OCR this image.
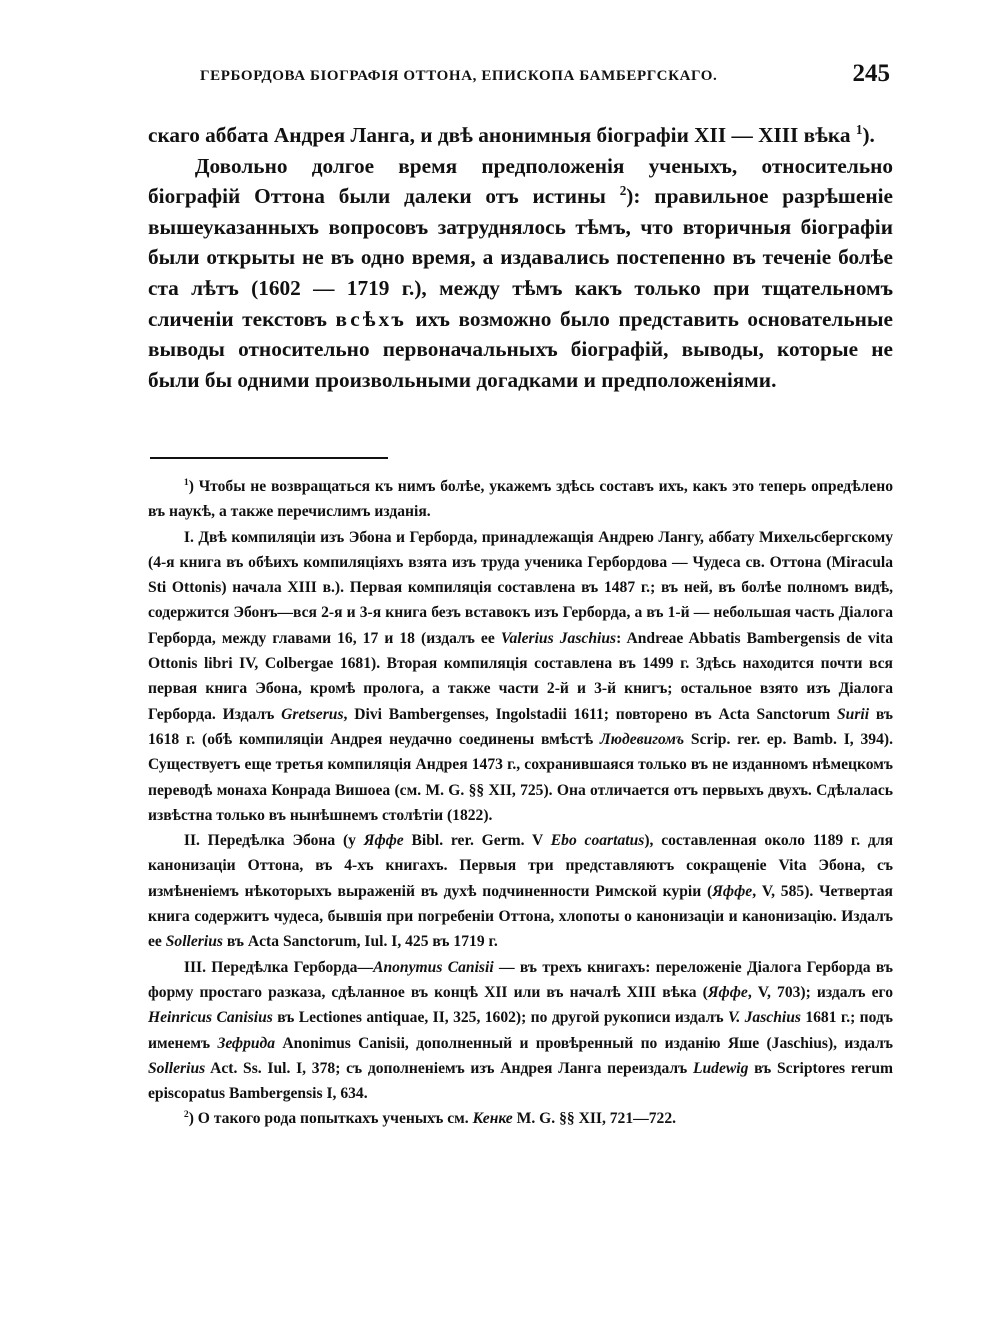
ГЕРБОРДОВА БІОГРАФІЯ ОТТОНА, ЕПИСКОПА БАМБЕРГСКАГО.	245

скаго аббата Андрея Ланга, и двѣ анонимныя біографіи XII — XIII вѣка $^1$).

Довольно долгое время предположенія ученыхъ, относительно біографій Оттона были далеки отъ истины $^2$): правильное разрѣшеніе вышеуказанныхъ вопросовъ затруднялось тѣмъ, что вторичныя біографіи были открыты не въ одно время, а издавались постепенно въ теченіе болѣе ста лѣтъ (1602 — 1719 г.), между тѣмъ какъ только при тщательномъ сличеніи текстовъ всѣхъ ихъ возможно было представить основательные выводы относительно первоначальныхъ біографій, выводы, которые не были бы одними произвольными догадками и предположеніями.

$^1$) Чтобы не возвращаться къ нимъ болѣе, укажемъ здѣсь составъ ихъ, какъ это теперь опредѣлено въ наукѣ, а также перечислимъ изданія.

I. Двѣ компиляціи изъ Эбона и Герборда, принадлежащія Андрею Лангу, аббату Михельсбергскому (4-я книга въ обѣихъ компиляціяхъ взята изъ труда ученика Гербордова — Чудеса св. Оттона (Miracula Sti Ottonis) начала XIII в.). Первая компиляція составлена въ 1487 г.; въ ней, въ болѣе полномъ видѣ, содержится Эбонъ—вся 2-я и 3-я книга безъ вставокъ изъ Герборда, а въ 1-й — небольшая часть Діалога Герборда, между главами 16, 17 и 18 (издалъ ее Valerius Jaschius: Andreae Abbatis Bambergensis de vita Ottonis libri IV, Colbergae 1681). Вторая компиляція составлена въ 1499 г. Здѣсь находится почти вся первая книга Эбона, кромѣ пролога, а также части 2-й и 3-й книгъ; остальное взято изъ Діалога Герборда. Издалъ Gretserus, Divi Bambergenses, Ingolstadii 1611; повторено въ Acta Sanctorum Surii въ 1618 г. (обѣ компиляціи Андрея неудачно соединены вмѣстѣ Людевигомъ Scrip. rer. ep. Bamb. I, 394). Существуетъ еще третья компиляція Андрея 1473 г., сохранившаяся только въ не изданномъ нѣмецкомъ переводѣ монаха Конрада Вишоеа (см. M. G. §§ XII, 725). Она отличается отъ первыхъ двухъ. Сдѣлалась извѣстна только въ нынѣшнемъ столѣтіи (1822).

II. Передѣлка Эбона (у Яффе Bibl. rer. Germ. V Ebo coartatus), составленная около 1189 г. для канонизаціи Оттона, въ 4-хъ книгахъ. Первыя три представляютъ сокращеніе Vita Эбона, съ измѣненіемъ нѣкоторыхъ выраженій въ духѣ подчиненности Римской куріи (Яффе, V, 585). Четвертая книга содержитъ чудеса, бывшія при погребеніи Оттона, хлопоты о канонизаціи и канонизацію. Издалъ ее Sollerius въ Acta Sanctorum, Iul. I, 425 въ 1719 г.

III. Передѣлка Герборда—Anonymus Canisii — въ трехъ книгахъ: переложеніе Діалога Герборда въ форму простаго разказа, сдѣланное въ концѣ XII или въ началѣ XIII вѣка (Яффе, V, 703); издалъ его Heinricus Canisius въ Lectiones antiquae, II, 325, 1602); по другой рукописи издалъ V. Jaschius 1681 г.; подъ именемъ Зефрида Anonimus Canisii, дополненный и провѣренный по изданію Яше (Jaschius), издалъ Sollerius Act. Ss. Iul. I, 378; съ дополненіемъ изъ Андрея Ланга переиздалъ Ludewig въ Scriptores rerum episcopatus Bambergensis I, 634.

$^2$) О такого рода попыткахъ ученыхъ см. Кенке M. G. §§ XII, 721—722.
